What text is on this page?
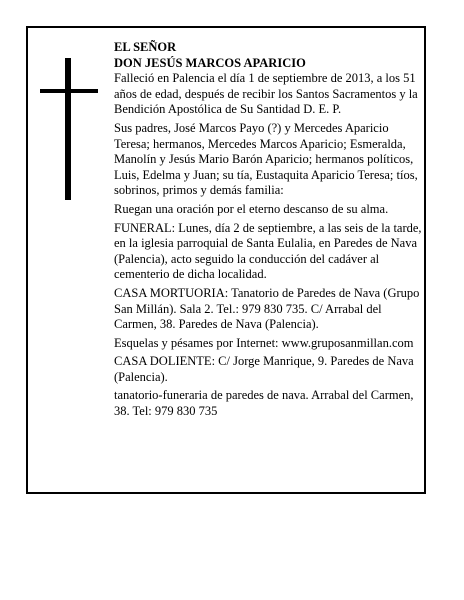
EL SEÑOR

DON JESÚS MARCOS APARICIO

Falleció en Palencia el día 1 de septiembre de 2013, a los 51 años de edad, después de recibir los Santos Sacramentos y la Bendición Apostólica de Su Santidad D. E. P.

Sus padres, José Marcos Payo (?) y Mercedes Aparicio Teresa; hermanos, Mercedes Marcos Aparicio; Esmeralda, Manolín y Jesús Mario Barón Aparicio; hermanos políticos, Luis, Edelma y Juan; su tía, Eustaquita Aparicio Teresa; tíos, sobrinos, primos y demás familia:

Ruegan una oración por el eterno descanso de su alma.

FUNERAL: Lunes, día 2 de septiembre, a las seis de la tarde, en la iglesia parroquial de Santa Eulalia, en Paredes de Nava (Palencia), acto seguido la conducción del cadáver al cementerio de dicha localidad.

CASA MORTUORIA: Tanatorio de Paredes de Nava (Grupo San Millán). Sala 2. Tel.: 979 830 735. C/ Arrabal del Carmen, 38. Paredes de Nava (Palencia).

Esquelas y pésames por Internet: www.gruposanmillan.com

CASA DOLIENTE: C/ Jorge Manrique, 9. Paredes de Nava (Palencia).

tanatorio-funeraria de paredes de nava. Arrabal del Carmen, 38. Tel: 979 830 735
